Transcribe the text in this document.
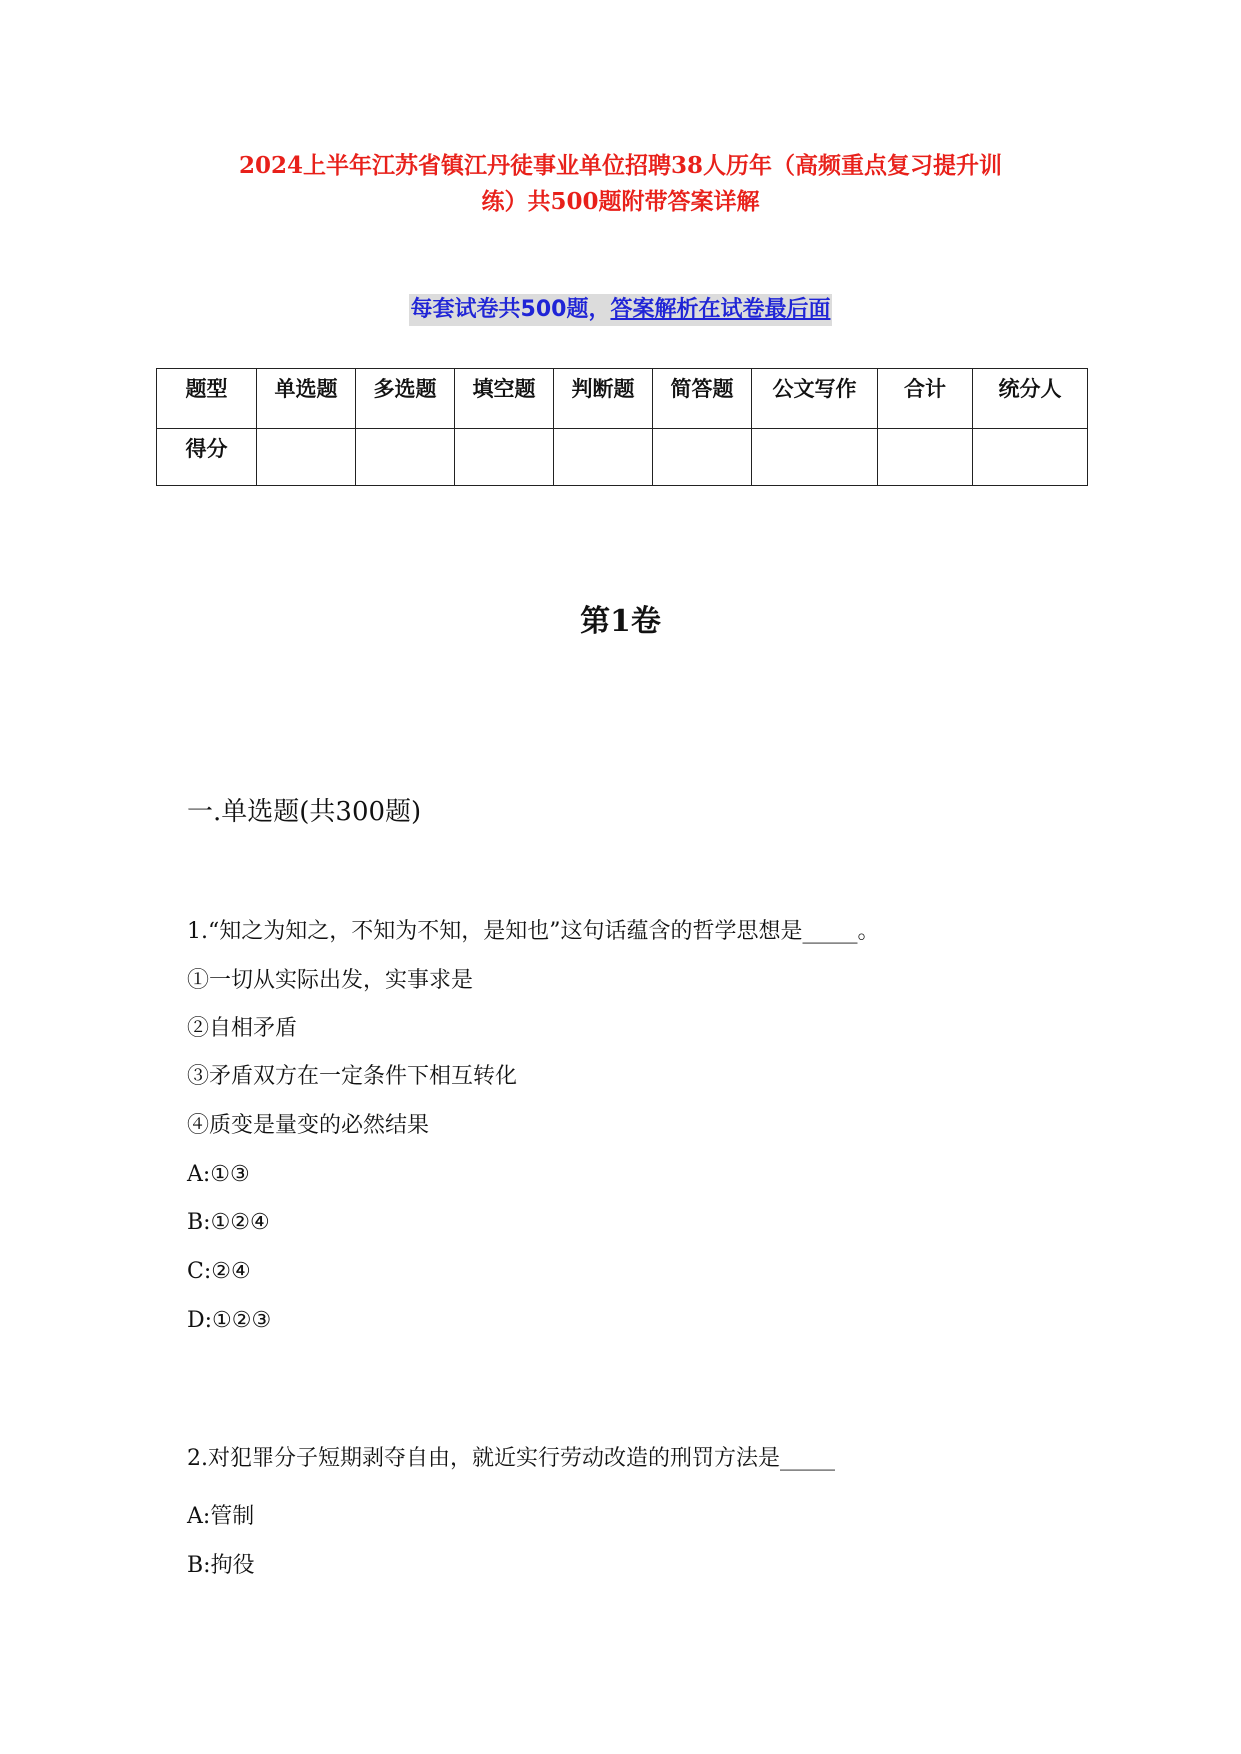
2024上半年江苏省镇江丹徒事业单位招聘38人历年（高频重点复习提升训
练）共500题附带答案详解
每套试卷共500题，答案解析在试卷最后面
题型	单选题	多选题	填空题	判断题	简答题	公文写作	合计	统分人
得分								
第1卷
一.单选题(共300题)
1.“知之为知之，不知为不知，是知也”这句话蕴含的哲学思想是_____。
①一切从实际出发，实事求是
②自相矛盾
③矛盾双方在一定条件下相互转化
④质变是量变的必然结果
A:①③
B:①②④
C:②④
D:①②③
2.对犯罪分子短期剥夺自由，就近实行劳动改造的刑罚方法是_____
A:管制
B:拘役
